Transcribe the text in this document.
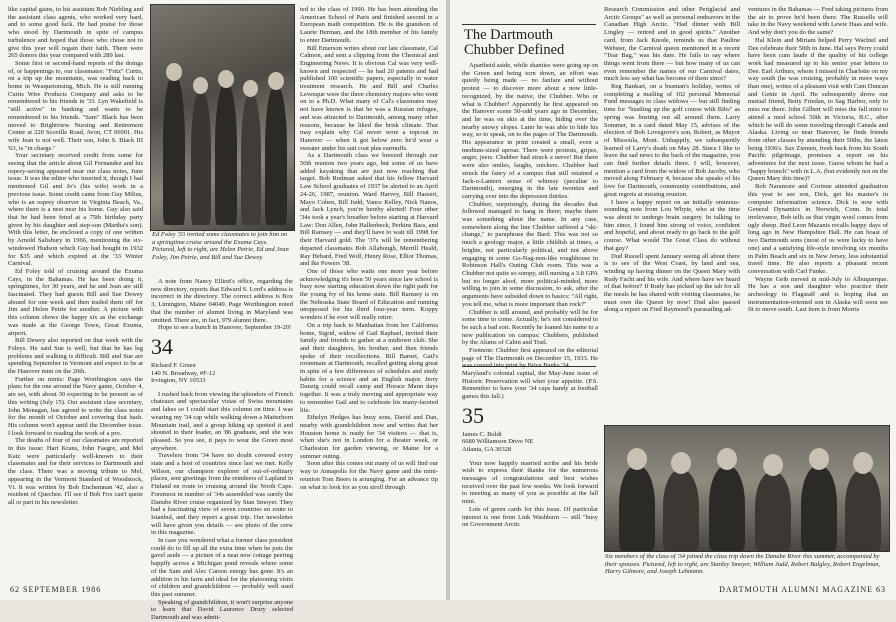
like capital gains, to his assistant Bob Niebling and the assistant class agents, who worked very hard, and to some good luck. He had praise for those who stood by Dartmouth in spite of campus turbulence and hoped that those who chose not to give this year will regain their faith. There were 265 donors this year compared with 289 last.

Some first or second-hand reports of the doings of, or happenings to, our classmates: "Fritz" Curtis, on a trip up the mountains, was reading back to home in Weaquetonsing, Mich. He is still running Curtis Wire Products Company and asks to be remembered to his friends in '33. Lyn Wakefield is "still active" in banking and wants to be remembered to his friends. "Sam" Black has been moved to Brightview Nursing and Retirement Center at 220 Scoville Road, Avon, CT 06001. His wife Jean is not well. Their son, John S. Black III '63, is "in charge."

Your secretary received credit from some for seeing that the article about Gil Fernandez and his osprey-saving appeared near our class notes, June issue. It was the editor who inserted it, though I had mentioned Gil and Jo's (his wife) work in a previous issue. Some credit came from Guy Milius, who is an osprey observer in Virginia Beach, Va., where there is a nest near his home. Guy also said that he had been feted at a 75th birthday party given by his daughter and step-son (Martha's son). With this letter, he enclosed a copy of one written by Arnold Salisbury in 1966, mentioning the six-windowed Hudson which Guy had bought in 1932 for $35 and which expired at the '33 Winter Carnival.

Ed Foley told of cruising around the Exuma Cays, in the Bahamas. He has been doing it, springtimes, for 30 years, and he and Jean are still fascinated. They had guests Bill and Sue Dewey aboard for one week and then traded them off for Jim and Helen Petrie for another. A picture with this column shows the happy six as the exchange was made at the George Town, Great Exuma, airport.

Bill Dewey also reported on that week with the Foleys. He said Sue is well, but that he has leg problems and walking is difficult. Bill and Sue are spending September in Vermont and expect to be at the Hanover mini on the 20th.

Further on minis: Page Worthington says the plans for the one around the Navy game, October 4, are set, with about 30 expecting to be present as of this writing (July 15). Our assistant class secretary, John Monagan, has agreed to write the class notes for the month of October and covering that bash. His column won't appear until the December issue. I look forward to reading the work of a pro.

The deaths of four of our classmates are reported in this issue: Hart Krans, John Faegre, and Mel Katz were particularly well-known to their classmates and for their services to Dartmouth and the class. There was a moving tribute to Mel, appearing in the Vermont Standard of Woodstock, Vt. It was written by Bob Enchemnan '42, also a resident of Quechee. I'll see if Bob Fox can't quote all or part in his newsletter.

Ed Foley '33 invited some classmates to join him on a springtime cruise around the Exuma Cays. Pictured, left to right, are Helen Petrie, Ed and Jean Foley, Jim Petrie, and Bill and Sue Dewey.

A note from Nancy Elliott's office, regarding the new directory, reports that Edward S. Lord's address is incorrect in the directory. The correct address is Box 3, Limington, Maine 04049. Page Worthington noted that the number of alumni living in Maryland was omitted. There are, in fact, 979 alumni there.

Hope to see a bunch in Hanover, September 19-20!

34
Richard F. Gruen
140 N. Broadway, #F-12
Irvington, NY 10533

I rushed back from viewing the splendors of French chateaux and spectacular vistas of Swiss mountains and lakes so I could start this column on time. I was wearing my '34 cap while walking down a Matterhorn Mountain trail, and a group hiking up spotted it and shouted to their leader, an '86 graduate, and she was pleased. So you see, it pays to wear the Green most anywhere.

Travelers from '34 have no doubt covered every state and a host of countries since last we met. Kelly Wilson, our champion explorer of out-of-ordinary places, sent greetings from the reindeers of Lapland in Finland en route to cruising around the North Cape. Foremost in number of '34s assembled was surely the Danube River cruise organized by Stan Smoyer. They had a fascinating view of seven countries en route to Istanbul, and they report a great trip. Our newsletter will have given you details — see photo of the crew in this magazine.

In case you wondered what a former class president could do to fill up all the extra time when he puts the gavel aside — a picture of a neat new cottage peering happily across a Michigan pond reveals where some of the Sam and Alec Carson energy has gone. It's an addition to his farm and ideal for the platooning visits of children and grandchildren — probably well used this past summer.

Speaking of grandchildren, it won't surprise anyone to learn that David Laurence Drury selected Dartmouth and was admit-

ted to the class of 1990. He has been attending the American School of Paris and finished second in a European math competition. He is the grandson of Laurie Herman, and the 18th member of his family to enter Dartmouth.

Bill Emerson writes about our late classmate, Cal Calmon, and sent a clipping from the Chemical and Engineering News. It is obvious Cal was very well-known and respected — he had 20 patents and had published 100 scientific papers, especially in water treatment research. He and Bill and Charles Levesque were the three chemistry majors who went on to a Ph.D. What many of Cal's classmates may not have known is that he was a Russian refugee, and was attracted to Dartmouth, among many other reasons, because he liked the brisk climate. That may explain why Cal never wore a topcoat in Hanover — when it got below zero he'd wear a sweater under his suit coat plus earmuffs.

As a Dartmouth class we breezed through our 50th reunion two years ago, but some of us have added kayaking that are just now reaching that target. Bob Rodman asked that his fellow Harvard Law School graduates of 1937 be alerted to an April 24-26, 1987, reunion. Ward Harvey, Bill Hassert, Mayo Cohen, Bill Judd, Vance Kelley, Nick Nanos, and Jack Lynch, you're hereby alerted! Four other '34s took a year's breather before starting at Harvard Law: Don Allen, John Hallenbeck, Perkins Bass, and Bill Ramsey — and they'll have to wait till 1998 for their Harvard gold. The '37s will be remembering departed classmates Bob Allabough, Merrill Heald, Ray Hebard, Fred Wolf, Henry Rose, Elliot Thomas, and Ike Powers '38.

One of those who waits one more year before acknowledging it's been 50 years since law school is busy now starting education down the right path for the young fry of his home state. Bill Ramsey is on the Nebraska State Board of Education and running unopposed for his third four-year term. Koppy wonders if he ever will really retire.

On a trip back to Manhattan from her California home, Sigrid, widow of Gail Raphael, invited their family and friends to gather at a midtown club. She and their daughters, his brother, and then friends spoke of their recollections. Bill Barnet, Gail's roommate at Dartmouth, recalled getting along great in spite of a few differences of schedules and study habits for a science and an English major. Jerry Danzig could recall camp and Horace Mann days together. It was a truly moving and appropriate way to remember Gail and to celebrate his many-faceted life.

Ethelyn Hedges has busy sons, David and Dan, nearby with grandchildren now and writes that her Houston home is ready for '34 visitors — that is, when she's not in London for a theater week, or Charleston for garden viewing, or Maine for a summer outing.

Soon after this comes out many of us will find our way to Annapolis for the Navy game and the mini-reunion Tom Beers is arranging. For an advance tip on what to look for as you stroll through

62 SEPTEMBER 1986
The Dartmouth Chubber Defined

Apartheid aside, while shanties were going up on the Green and being torn down, an effort was quietly being made — no fanfare and without protest — to discover more about a now little-recognized, by the native, the Chubber. Who or what is Chubber? Apparently he first appeared on the Hanover scene 50-odd years ago in December, and he was on skis at the time, hiding over the nearby snowy slopes. Later he was able to hide his way, so to speak, on to the pages of The Dartmouth. His appearance in print created a small, even a medium-sized uproar. There were protests, gripes, anger, jeers. Chubber had struck a nerve! But there were also smiles, laughs, snickers. Chubber had struck the fancy of a campus that still retained a Jack-o-Lantern sense of whimsy (peculiar to Dartmouth), emerging in the late twenties and carrying over into the depression thirties.

Chubber, surprisingly, during the decades that followed managed to hang in there; maybe there was something about the name. In any case, somewhere along the line Chubber suffered a "ski-change," to paraphrase the Bard. This was not so much a geology major, a little childish at times, a brighte, not particularly political, and not above engaging in some Go-Nag-non-like roughhouse in Robinson Hall's Outing Club room. This was a Chubber not quite so sompy, still nursing a 3.8 GPA but no longer aloof, more political-minded, more willing to join in some discussion, to ask, after the arguments have subsided down to basics: "All right, you tell me, what is more important than rock?"

Chubber is still around, and probably will be for some time to come. Actually, he's not considered to be such a bad sort. Recently he loaned his name to a new publication on campus: Chubbers, published by the Alums of Cabin and Trail.

Footnote: Chubber first appeared on the editorial page of The Dartmouth on December 15, 1933. He

Maryland's colonial capital, the May-June issue of Historic Preservation will whet your appetite. (P.S. Remember to have your '34 caps handy at football games this fall.)

35
James C. Boldt
6680 Williamson Drive NE
Atlanta, GA 30328

Your now happily married scribe and his bride wish to express their thanks for the numerous messages of congratulations and best wishes received over the past few weeks. We look forward to meeting as many of you as possible at the fall mini.

Lots of green cards for this issue. Of particular interest is one from Link Washburn — still "busy on Government Arctic

Research Commission and other Periglacial and Arctic Groups" as well as personal endeavors in the Canadian High Arctic. "Had dinner with Bill Lingley — retired and in good spirits." Another card, from Jack Knode, reminds us that Pauline Webster, the Carnival queen mentioned in a recent "Tear Bag," was his date. He fails to say where things went from there — but how many of us can even remember the names of our Carnival dates, much less say what has become of them since?

Reg Bankart, on a busman's holiday, writes of completing a mailing of 102 personal Memorial Fund messages to class widows — but still finding time for "bustling up the golf course with Bibs" as spring was busting out all around them. Larry Sommer, in a card dated May 15, advises of the election of Bob Lovegrove's son, Robert, as Mayor of Missoula, Mont. Unhappily, we subsequently learned of Larry's death on May 28. Since I like to leave the sad news to the back of the magazine, you can find further details there. I will, however, mention a card from the widow of Bob Jacoby, who moved along February 4, because she speaks of his love for Dartmouth, community contributions, and great regrets at missing reunion.

I have a happy report on an initially ominous-sounding note from Lou Whyte, who at the time was about to undergo brain surgery. In talking to him since, I found him strong of voice, confident and hopeful, and about ready to go back to the golf course. What would The Great Class do without that guy?

Dud Russell spent January seeing all about there is to see of the West Coast, by land and sea, winding up having dinner on the Queen Mary with Rudy Facht and his wife. And where have we heard of that before? If Rudy has picked up the tab for all the meals he has shared with visiting classmates, he must own the Queen by now! Dud also passed along a report on Fred Raymond's parasailing ad-

ventures in the Bahamas — Fred taking pictures from the air to prove he'd been there. The Russells will take in the Navy weekend with Lewie Haas and wife. And why don't you do the same?

Hal Klein and Miriam helped Perry Wachtel and Dee celebrate their 50th in June. Hal says Perry could have been cum laude if the quality of his college work had measured up to his senior year letters to Dee. Earl Arthurs, whom I missed in Charlotte on my way south (he was cruising, probably in more ways than one), writes of a pleasant visit with Cam Duncan and Genie in April. He subsequently drove our mutual friend, Betty Friedan, to Sag Harbor, only to miss me there. John Gilbert will miss the fall mini to attend a med school 50th in Victoria, B.C., after which he will do some traveling through Canada and Alaska. Living so near Hanover, he finds friends from other classes by attending their 50ths, the latest being 1936's. Sax Ziemen, fresh back from his South Pacific pilgrimage, promises a report on his adventures for the next issue. Guess whom he had a "happy brunch" with in L.A. (but evidently not on the Queen Mary this time)?

Bob Naramore and Corinne attended graduation this year to see son, Dick, get his master's in computer information science. Dick is now with General Dynamics in Norwich, Conn. In total irrelevance, Bob tells us that virgin wool comes from ugly sheep. Bud Leon Mazanis recalls happy days of long ago in New Hampshire Hall. He can boast of two Dartmouth sons (most of us were lucky to have one) and a satisfying life-style involving six months in Palm Beach and six in New Jersey, less substantial travel time. He also reports a pleasant recent conversation with Carl Funke.

Wayne Geib moved in mid-July to Albuquerque. He has a son and daughter who practice their archeology in Flagstaff and is hoping that an instrumentation-oriented son in Alaska will soon see fit to move south. Last item is from Morris

Six members of the class of '34 joined the class trip down the Danube River this summer, accompanied by their spouses. Pictured, left to right, are Stanley Smoyer, William Judd, Robert Balgley, Robert Engelman, Harry Gilmore, and Joseph Lehmann.
DARTMOUTH ALUMNI MAGAZINE 63
